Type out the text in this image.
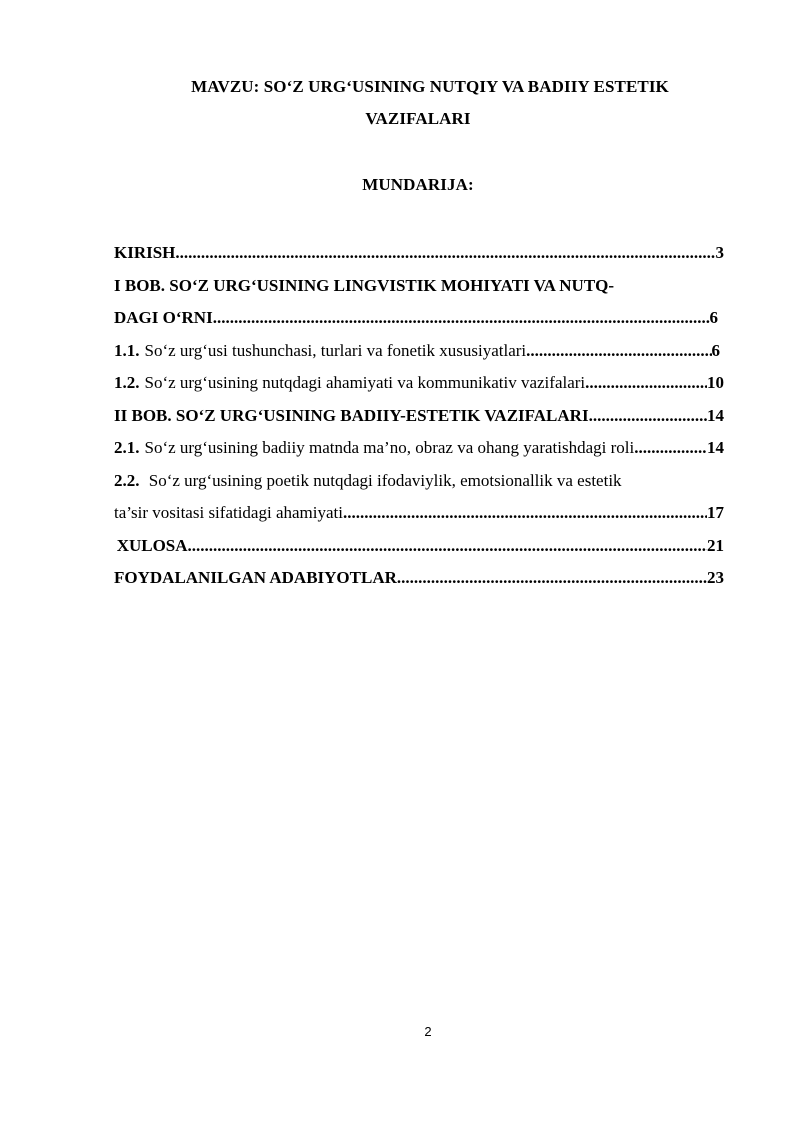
MAVZU: SO‘Z URG‘USINING NUTQIY VA BADIIY ESTETIK
VAZIFALARI
MUNDARIJA:
KIRISH .....	3
I BOB. SO‘Z URG‘USINING LINGVISTIK MOHIYATI VA NUTQ-
DAGI O‘RNI .....	6
1.1. So‘z urg‘usi tushunchasi, turlari va fonetik xususiyatlari .....	6
1.2. So‘z urg‘usining nutqdagi ahamiyati va kommunikativ vazifalari .....	10
II BOB. SO‘Z URG‘USINING BADIIY-ESTETIK VAZIFALARI .....	14
2.1. So‘z urg‘usining badiiy matnda ma’no, obraz va ohang yaratishdagi roli .....	14
2.2. So‘z urg‘usining poetik nutqdagi ifodaviylik, emotsionallik va estetik
ta’sir vositasi sifatidagi ahamiyati .....	17
XULOSA .....	21
FOYDALANILGAN ADABIYOTLAR .....	23
2
